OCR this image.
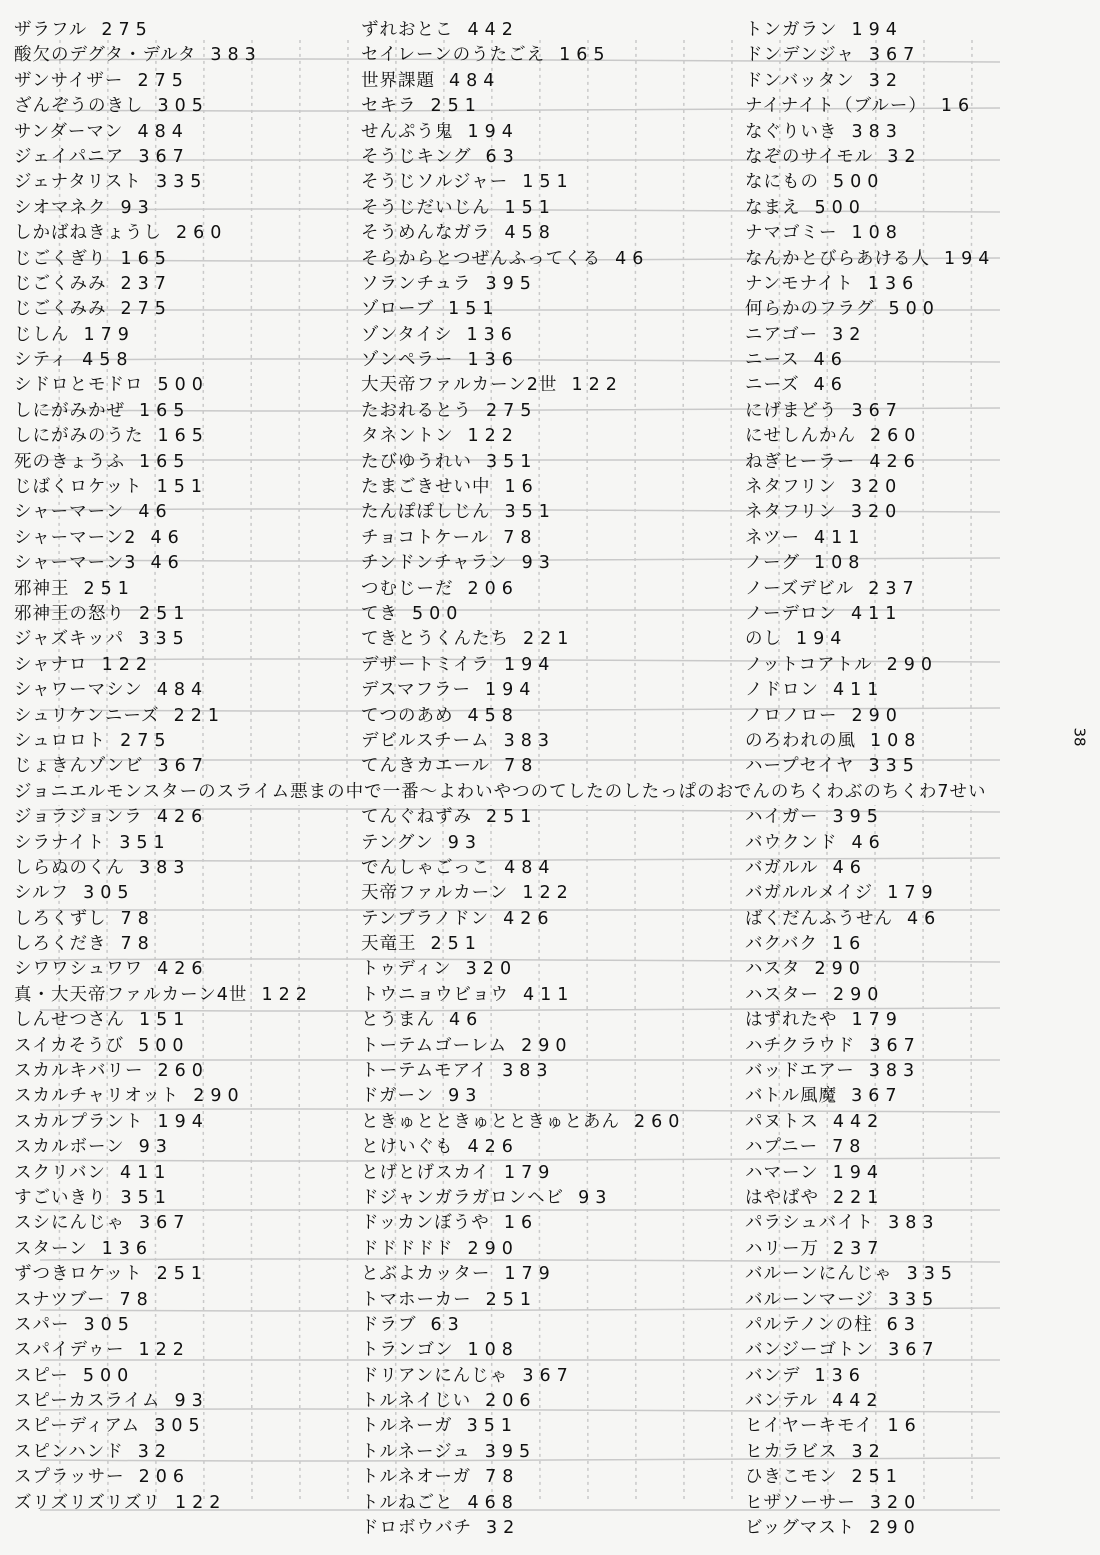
ザラフル 275
酸欠のデグタ・デルタ 383
ザンサイザー 275
ざんぞうのきし 305
サンダーマン 484
ジェイパニア 367
ジェナタリスト 335
シオマネク 93
しかばねきょうし 260
じごくぎり 165
じごくみみ 237
じごくみみ 275
じしん 179
シティ 458
シドロとモドロ 500
しにがみかぜ 165
しにがみのうた 165
死のきょうふ 165
じばくロケット 151
シャーマーン 46
シャーマーン2 46
シャーマーン3 46
邪神王 251
邪神王の怒り 251
ジャズキッパ 335
シャナロ 122
シャワーマシン 484
シュリケンニーズ 221
シュロロト 275
じょきんゾンビ 367
ジョラジョンラ 426
シラナイト 351
しらぬのくん 383
シルフ 305
しろくずし 78
しろくだき 78
シワワシュワワ 426
真・大天帝ファルカーン4世 122
しんせつさん 151
スイカそうび 500
スカルキバリー 260
スカルチャリオット 290
スカルプラント 194
スカルボーン 93
スクリバン 411
すごいきり 351
スシにんじゃ 367
スターン 136
ずつきロケット 251
スナツブー 78
スパー 305
スパイデゥー 122
スピー 500
スピーカスライム 93
スピーディアム 305
スピンハンド 32
スプラッサー 206
ズリズリズリズリ 122
ずれおとこ 442
セイレーンのうたごえ 165
世界課題 484
セキラ 251
せんぷう鬼 194
そうじキング 63
そうじソルジャー 151
そうじだいじん 151
そうめんなガラ 458
そらからとつぜんふってくる 46
ソランチュラ 395
ゾローブ 151
ゾンタイシ 136
ゾンペラー 136
大天帝ファルカーン2世 122
たおれるとう 275
タネントン 122
たびゆうれい 351
たまごきせい中 16
たんぽぽしじん 351
チョコトケール 78
チンドンチャラン 93
つむじーだ 206
てき 500
てきとうくんたち 221
デザートミイラ 194
デスマフラー 194
てつのあめ 458
デビルスチーム 383
てんきカエール 78
てんぐねずみ 251
テングン 93
でんしゃごっこ 484
天帝ファルカーン 122
テンプラノドン 426
天竜王 251
トゥディン 320
トウニョウビョウ 411
とうまん 46
トーテムゴーレム 290
トーテムモアイ 383
ドガーン 93
ときゅとときゅとときゅとあん 260
とけいぐも 426
とげとげスカイ 179
ドジャンガラガロンヘビ 93
ドッカンぼうや 16
ドドドドド 290
とぶよカッター 179
トマホーカー 251
ドラブ 63
トランゴン 108
ドリアンにんじゃ 367
トルネイじい 206
トルネーガ 351
トルネージュ 395
トルネオーガ 78
トルねごと 468
ドロボウバチ 32
トンガラン 194
ドンデンジャ 367
ドンバッタン 32
ナイナイト（ブルー） 16
なぐりいき 383
なぞのサイモル 32
なにもの 500
なまえ 500
ナマゴミー 108
なんかとびらあける人 194
ナンモナイト 136
何らかのフラグ 500
ニアゴー 32
ニース 46
ニーズ 46
にげまどう 367
にせしんかん 260
ねぎヒーラー 426
ネタフリン 320
ネタフリン 320
ネツー 411
ノーグ 108
ノーズデビル 237
ノーデロン 411
のし 194
ノットコアトル 290
ノドロン 411
ノロノロー 290
のろわれの風 108
ハープセイヤ 335
ハイガー 395
バウクンド 46
バガルル 46
バガルルメイジ 179
ばくだんふうせん 46
バクバク 16
ハスタ 290
ハスター 290
はずれたや 179
ハチクラウド 367
バッドエアー 383
バトル風魔 367
パヌトス 442
ハプニー 78
ハマーン 194
はやばや 221
パラシュバイト 383
ハリー万 237
バルーンにんじゃ 335
バルーンマージ 335
パルテノンの柱 63
バンジーゴトン 367
バンデ 136
バンテル 442
ヒイヤーキモイ 16
ヒカラビス 32
ひきこモン 251
ヒザソーサー 320
ビッグマスト 290
ジョニエルモンスターのスライム悪まの中で一番〜よわいやつのてしたのしたっぱのおでんのちくわぶのちくわ7せい
38
